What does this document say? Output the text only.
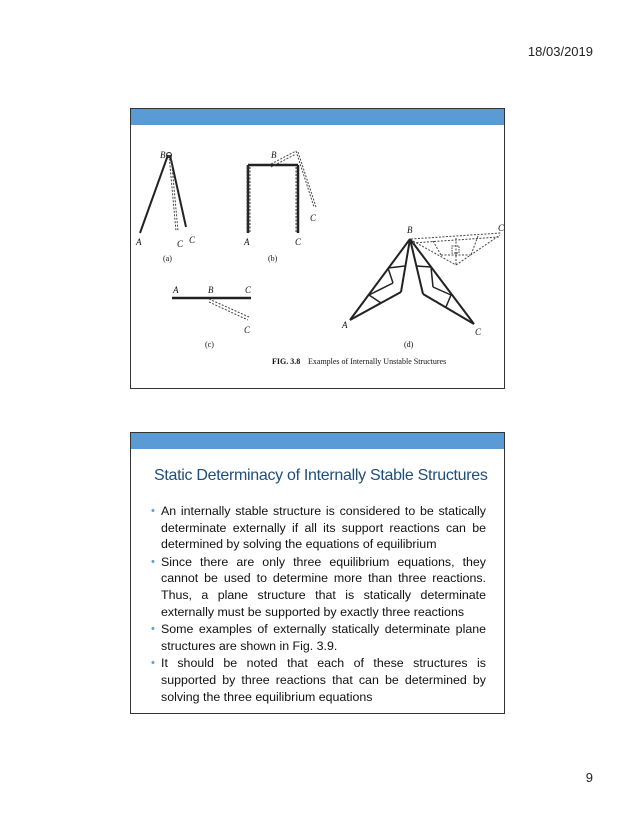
18/03/2019
B
A	C C
(a)
B
A	C
C
(b)
A	B	C
C
(c)
B	C
A
C
(d)
FIG. 3.8 Examples of Internally Unstable Structures
Static Determinacy of Internally Stable Structures
• An internally stable structure is considered to be statically determinate externally if all its support reactions can be determined by solving the equations of equilibrium
• Since there are only three equilibrium equations, they cannot be used to determine more than three reactions. Thus, a plane structure that is statically determinate externally must be supported by exactly three reactions
• Some examples of externally statically determinate plane structures are shown in Fig. 3.9.
• It should be noted that each of these structures is supported by three reactions that can be determined by solving the three equilibrium equations
9
